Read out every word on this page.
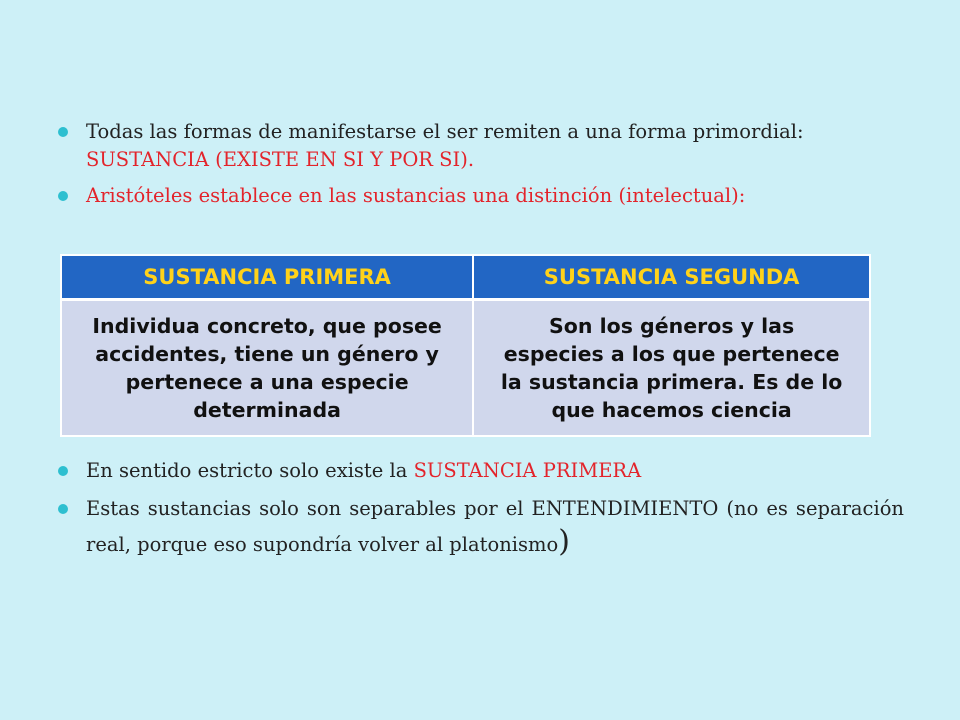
Todas las formas de manifestarse el ser remiten a una forma primordial: SUSTANCIA (EXISTE EN SI Y POR SI).
Aristóteles establece en las sustancias una distinción (intelectual):
SUSTANCIA PRIMERA	SUSTANCIA SEGUNDA
Individua concreto, que posee accidentes, tiene un género y pertenece a una especie determinada	Son los géneros y las especies a los que pertenece la sustancia primera. Es de lo que hacemos ciencia
En sentido estricto solo existe la SUSTANCIA PRIMERA
Estas sustancias solo son separables por el ENTENDIMIENTO (no es separación real, porque eso supondría volver al platonismo)
